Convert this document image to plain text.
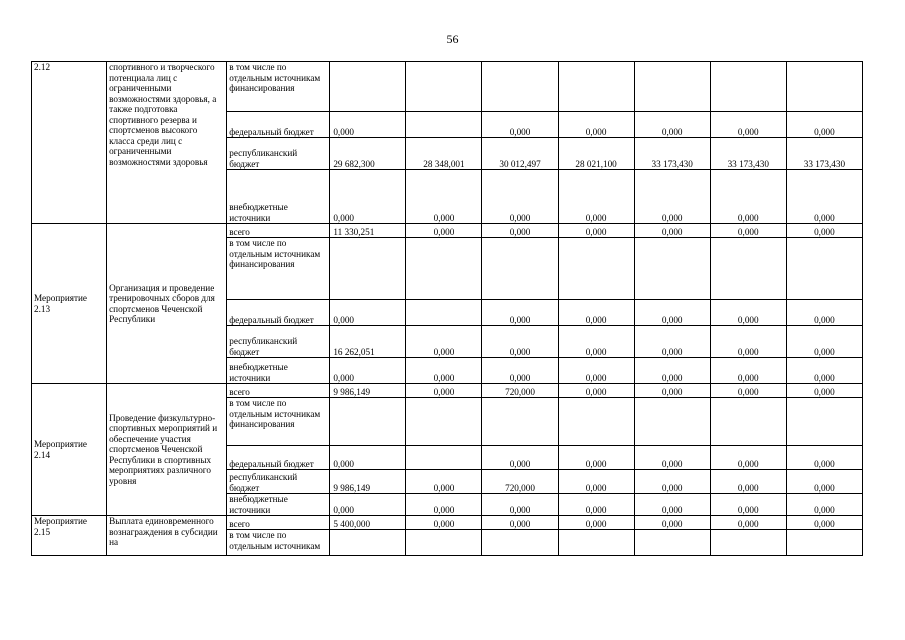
56
2.12	спортивного и творческого потенциала лиц с ограниченными возможностями здоровья, а также подготовка спортивного резерва и спортсменов высокого класса среди лиц с ограниченными возможностями здоровья	в том числе по отдельным источникам финансирования							
		федеральный бюджет	0,000		0,000	0,000	0,000	0,000	0,000
		республиканский бюджет	29 682,300	28 348,001	30 012,497	28 021,100	33 173,430	33 173,430	33 173,430
		внебюджетные источники	0,000	0,000	0,000	0,000	0,000	0,000	0,000
Мероприятие 2.13	Организация и проведение тренировочных сборов для спортсменов Чеченской Республики	всего	11 330,251	0,000	0,000	0,000	0,000	0,000	0,000
		в том числе по отдельным источникам финансирования							
		федеральный бюджет	0,000		0,000	0,000	0,000	0,000	0,000
		республиканский бюджет	16 262,051	0,000	0,000	0,000	0,000	0,000	0,000
		внебюджетные источники	0,000	0,000	0,000	0,000	0,000	0,000	0,000
Мероприятие 2.14	Проведение физкультурно-спортивных мероприятий и обеспечение участия спортсменов Чеченской Республики в спортивных мероприятиях различного уровня	всего	9 986,149	0,000	720,000	0,000	0,000	0,000	0,000
		в том числе по отдельным источникам финансирования							
		федеральный бюджет	0,000		0,000	0,000	0,000	0,000	0,000
		республиканский бюджет	9 986,149	0,000	720,000	0,000	0,000	0,000	0,000
		внебюджетные источники	0,000	0,000	0,000	0,000	0,000	0,000	0,000
Мероприятие 2.15	Выплата единовременного вознаграждения в субсидии на	всего	5 400,000	0,000	0,000	0,000	0,000	0,000	0,000
		в том числе по отдельным источникам							
